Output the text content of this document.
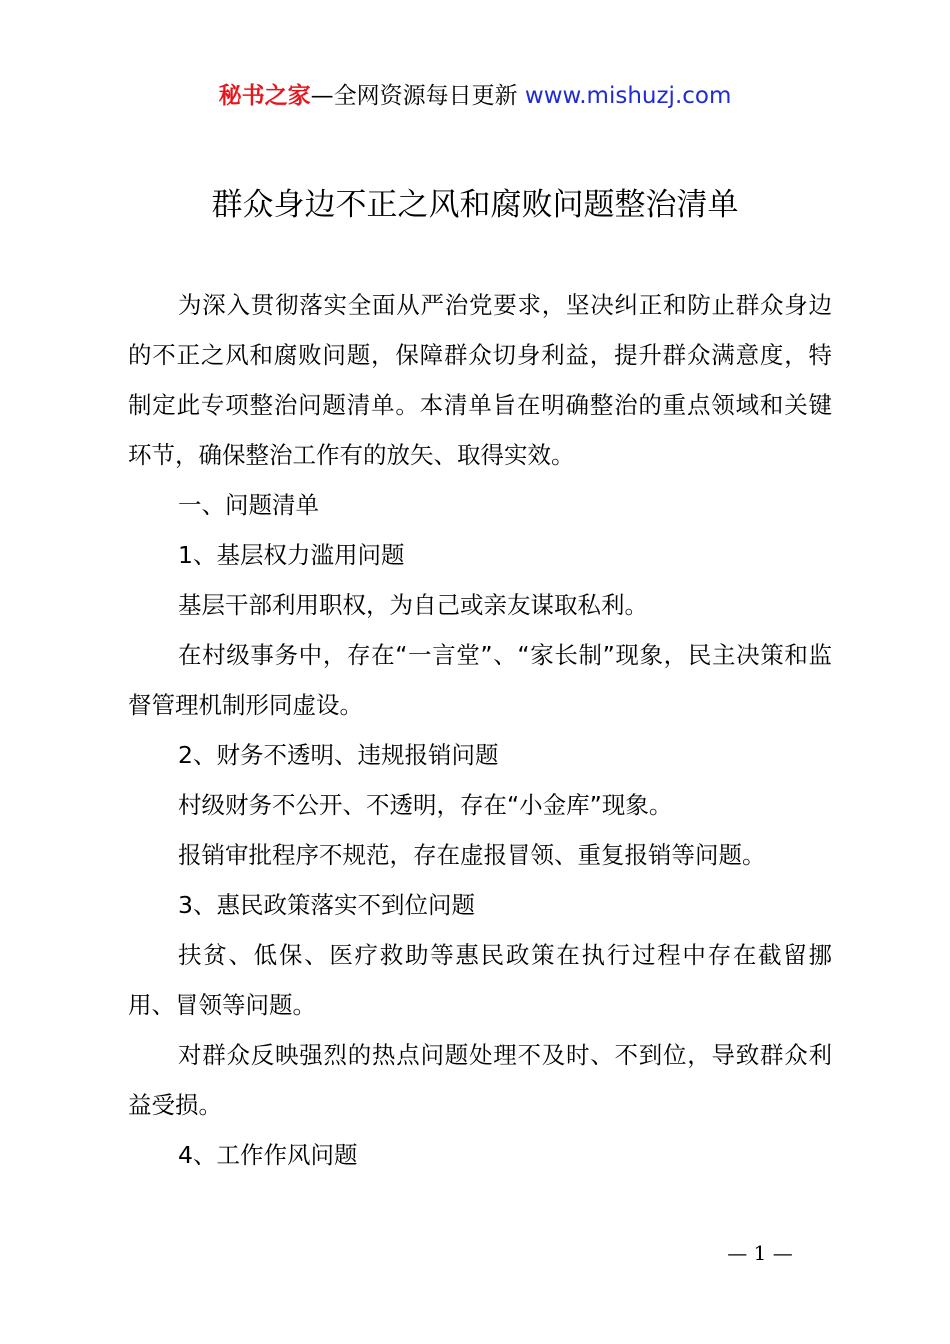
秘书之家—全网资源每日更新 www.mishuzj.com
群众身边不正之风和腐败问题整治清单

为深入贯彻落实全面从严治党要求，坚决纠正和防止群众身边的不正之风和腐败问题，保障群众切身利益，提升群众满意度，特制定此专项整治问题清单。本清单旨在明确整治的重点领域和关键环节，确保整治工作有的放矢、取得实效。

一、问题清单

1、基层权力滥用问题

基层干部利用职权，为自己或亲友谋取私利。

在村级事务中，存在“一言堂”、“家长制”现象，民主决策和监督管理机制形同虚设。

2、财务不透明、违规报销问题

村级财务不公开、不透明，存在“小金库”现象。

报销审批程序不规范，存在虚报冒领、重复报销等问题。

3、惠民政策落实不到位问题

扶贫、低保、医疗救助等惠民政策在执行过程中存在截留挪用、冒领等问题。

对群众反映强烈的热点问题处理不及时、不到位，导致群众利益受损。

4、工作作风问题

— 1 —
